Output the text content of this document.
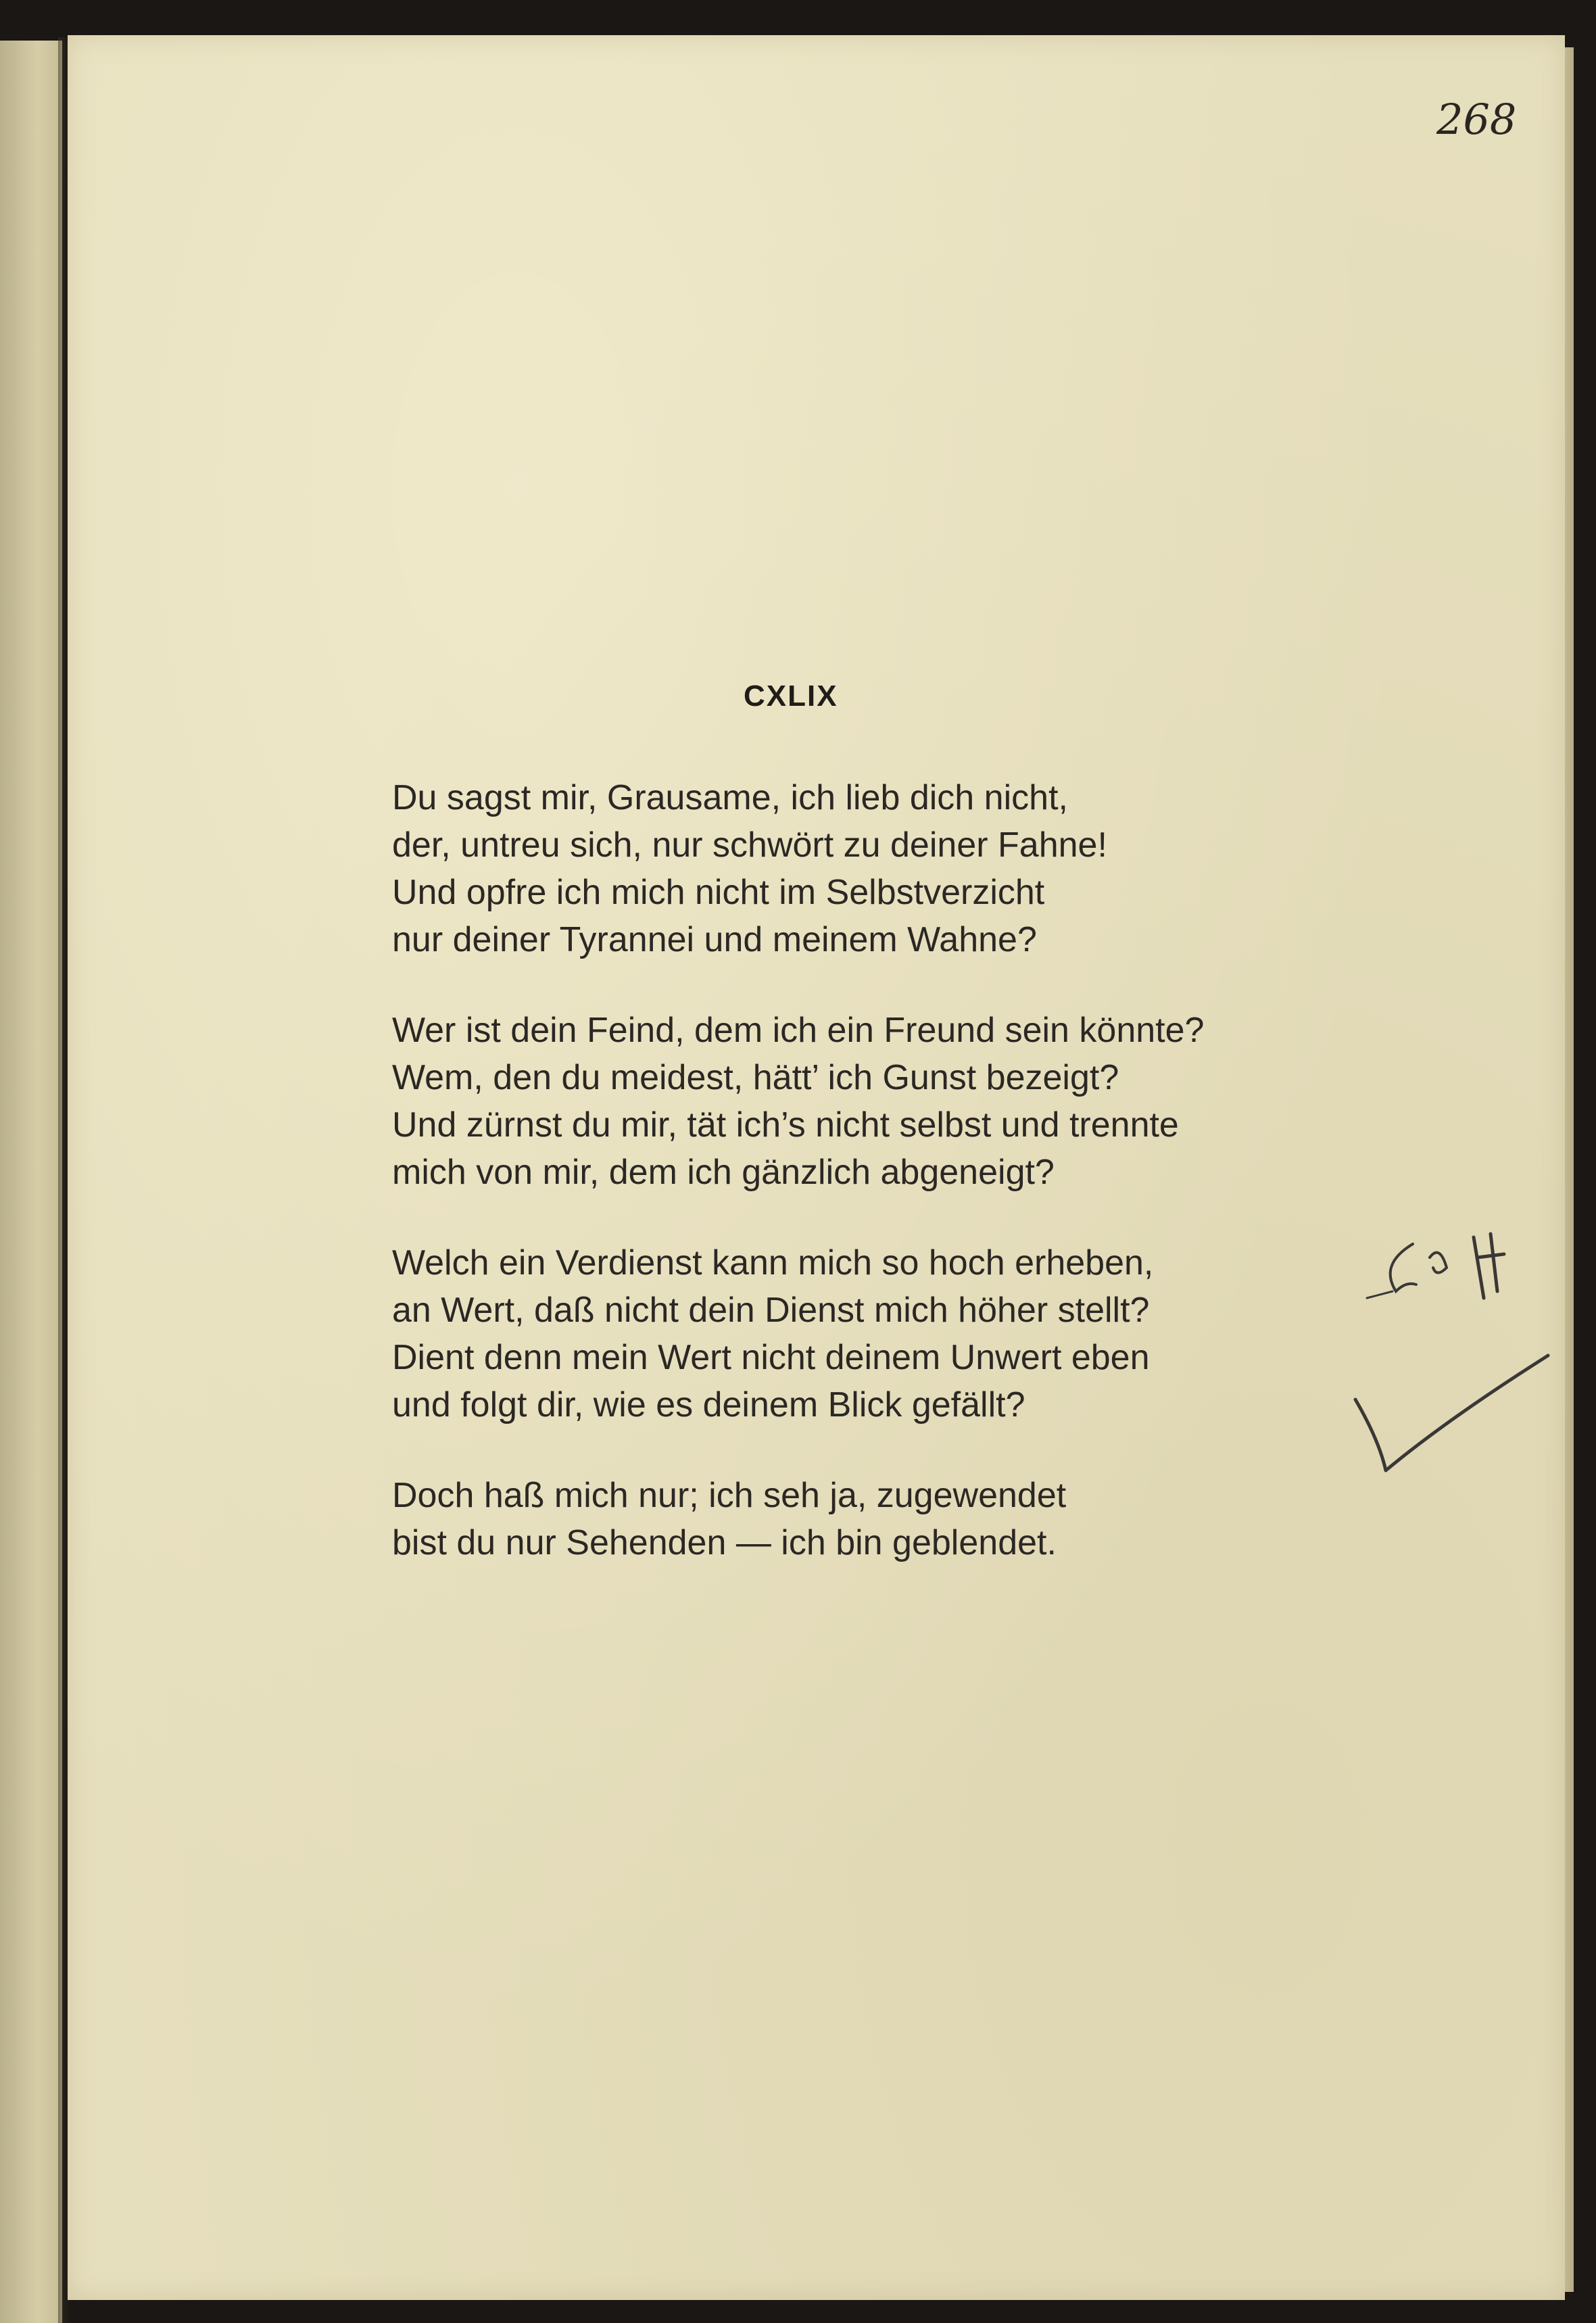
268
CXLIX
Du sagst mir, Grausame, ich lieb dich nicht,
der, untreu sich, nur schwört zu deiner Fahne!
Und opfre ich mich nicht im Selbstverzicht
nur deiner Tyrannei und meinem Wahne?
Wer ist dein Feind, dem ich ein Freund sein könnte?
Wem, den du meidest, hätt’ ich Gunst bezeigt?
Und zürnst du mir, tät ich’s nicht selbst und trennte
mich von mir, dem ich gänzlich abgeneigt?
Welch ein Verdienst kann mich so hoch erheben,
an Wert, daß nicht dein Dienst mich höher stellt?
Dient denn mein Wert nicht deinem Unwert eben
und folgt dir, wie es deinem Blick gefällt?
Doch haß mich nur; ich seh ja, zugewendet
bist du nur Sehenden — ich bin geblendet.
